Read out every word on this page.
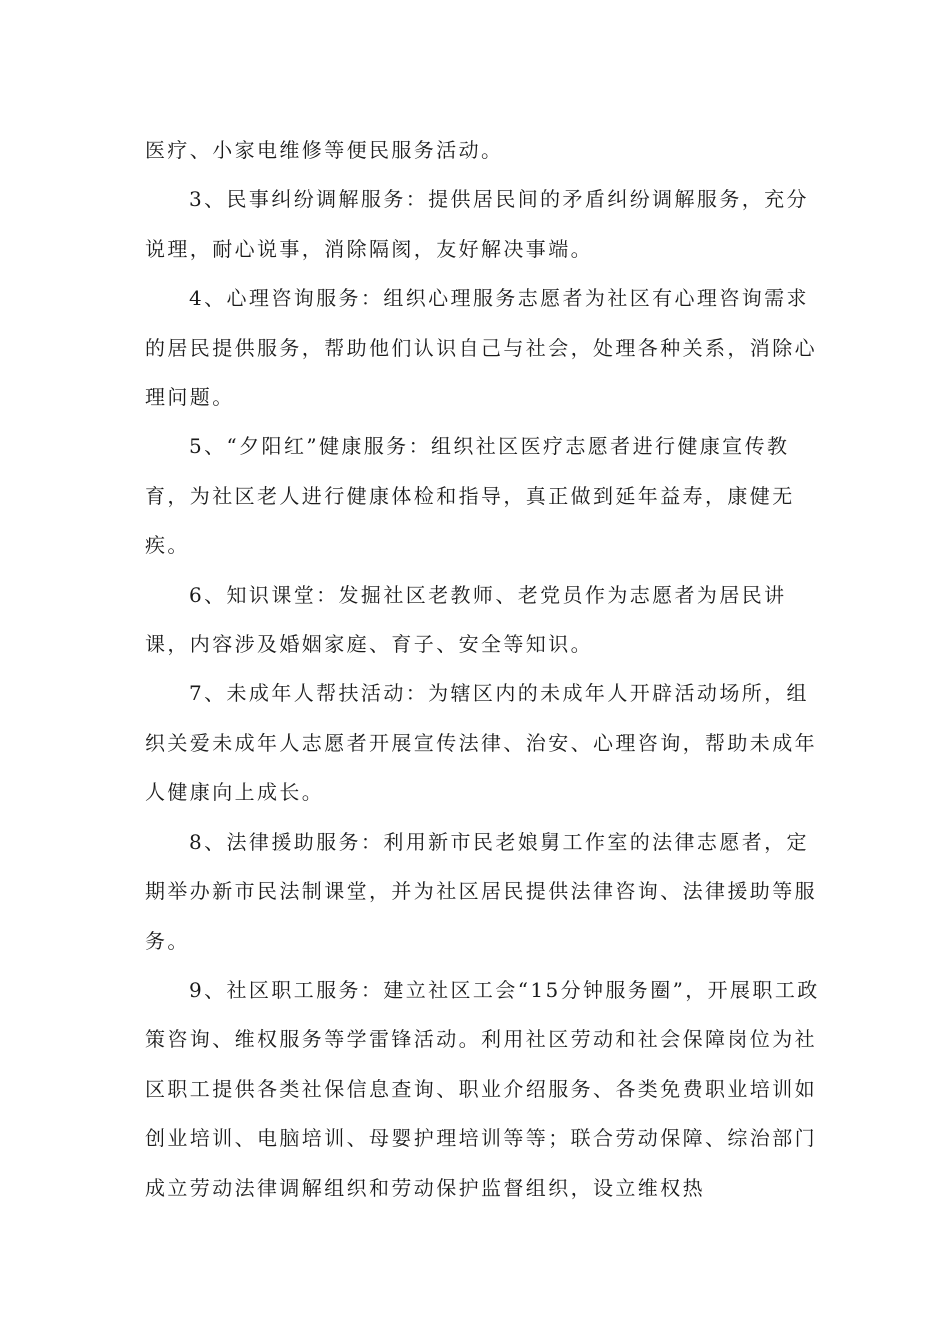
医疗、小家电维修等便民服务活动。

3、民事纠纷调解服务：提供居民间的矛盾纠纷调解服务，充分说理，耐心说事，消除隔阂，友好解决事端。

4、心理咨询服务：组织心理服务志愿者为社区有心理咨询需求的居民提供服务，帮助他们认识自己与社会，处理各种关系，消除心理问题。

5、“夕阳红”健康服务：组织社区医疗志愿者进行健康宣传教育，为社区老人进行健康体检和指导，真正做到延年益寿，康健无疾。

6、知识课堂：发掘社区老教师、老党员作为志愿者为居民讲课，内容涉及婚姻家庭、育子、安全等知识。

7、未成年人帮扶活动：为辖区内的未成年人开辟活动场所，组织关爱未成年人志愿者开展宣传法律、治安、心理咨询，帮助未成年人健康向上成长。

8、法律援助服务：利用新市民老娘舅工作室的法律志愿者，定期举办新市民法制课堂，并为社区居民提供法律咨询、法律援助等服务。

9、社区职工服务：建立社区工会“15分钟服务圈”，开展职工政策咨询、维权服务等学雷锋活动。利用社区劳动和社会保障岗位为社区职工提供各类社保信息查询、职业介绍服务、各类免费职业培训如创业培训、电脑培训、母婴护理培训等等；联合劳动保障、综治部门成立劳动法律调解组织和劳动保护监督组织，设立维权热
